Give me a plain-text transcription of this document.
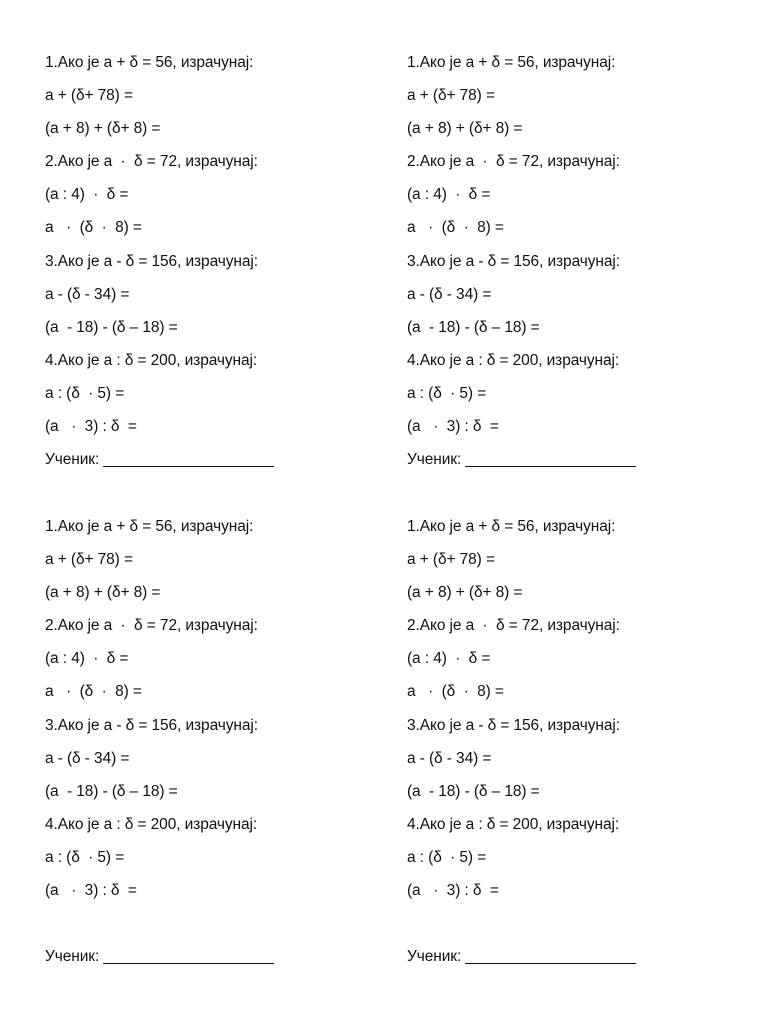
1.Ако је а + δ = 56, израчунај:
а + (δ+ 78) =
(а + 8) + (δ+ 8) =
2.Ако је а  ·  δ = 72, израчунај:
(а : 4)  ·  δ =
а   ·  (δ  ·  8) =
3.Ако је а - δ = 156, израчунај:
а - (δ - 34) =
(а  - 18) - (δ – 18) =
4.Ако је а : δ = 200, израчунај:
а : (δ  · 5) =
(а   ·  3) : δ  =
Ученик: ____________________
1.Ако је а + δ = 56, израчунај:
а + (δ+ 78) =
(а + 8) + (δ+ 8) =
2.Ако је а  ·  δ = 72, израчунај:
(а : 4)  ·  δ =
а   ·  (δ  ·  8) =
3.Ако је а - δ = 156, израчунај:
а - (δ - 34) =
(а  - 18) - (δ – 18) =
4.Ако је а : δ = 200, израчунај:
а : (δ  · 5) =
(а   ·  3) : δ  =
Ученик: ____________________
1.Ако је а + δ = 56, израчунај:
а + (δ+ 78) =
(а + 8) + (δ+ 8) =
2.Ако је а  ·  δ = 72, израчунај:
(а : 4)  ·  δ =
а   ·  (δ  ·  8) =
3.Ако је а - δ = 156, израчунај:
а - (δ - 34) =
(а  - 18) - (δ – 18) =
4.Ако је а : δ = 200, израчунај:
а : (δ  · 5) =
(а   ·  3) : δ  =
Ученик: ____________________
1.Ако је а + δ = 56, израчунај:
а + (δ+ 78) =
(а + 8) + (δ+ 8) =
2.Ако је а  ·  δ = 72, израчунај:
(а : 4)  ·  δ =
а   ·  (δ  ·  8) =
3.Ако је а - δ = 156, израчунај:
а - (δ - 34) =
(а  - 18) - (δ – 18) =
4.Ако је а : δ = 200, израчунај:
а : (δ  · 5) =
(а   ·  3) : δ  =
Ученик: ____________________
